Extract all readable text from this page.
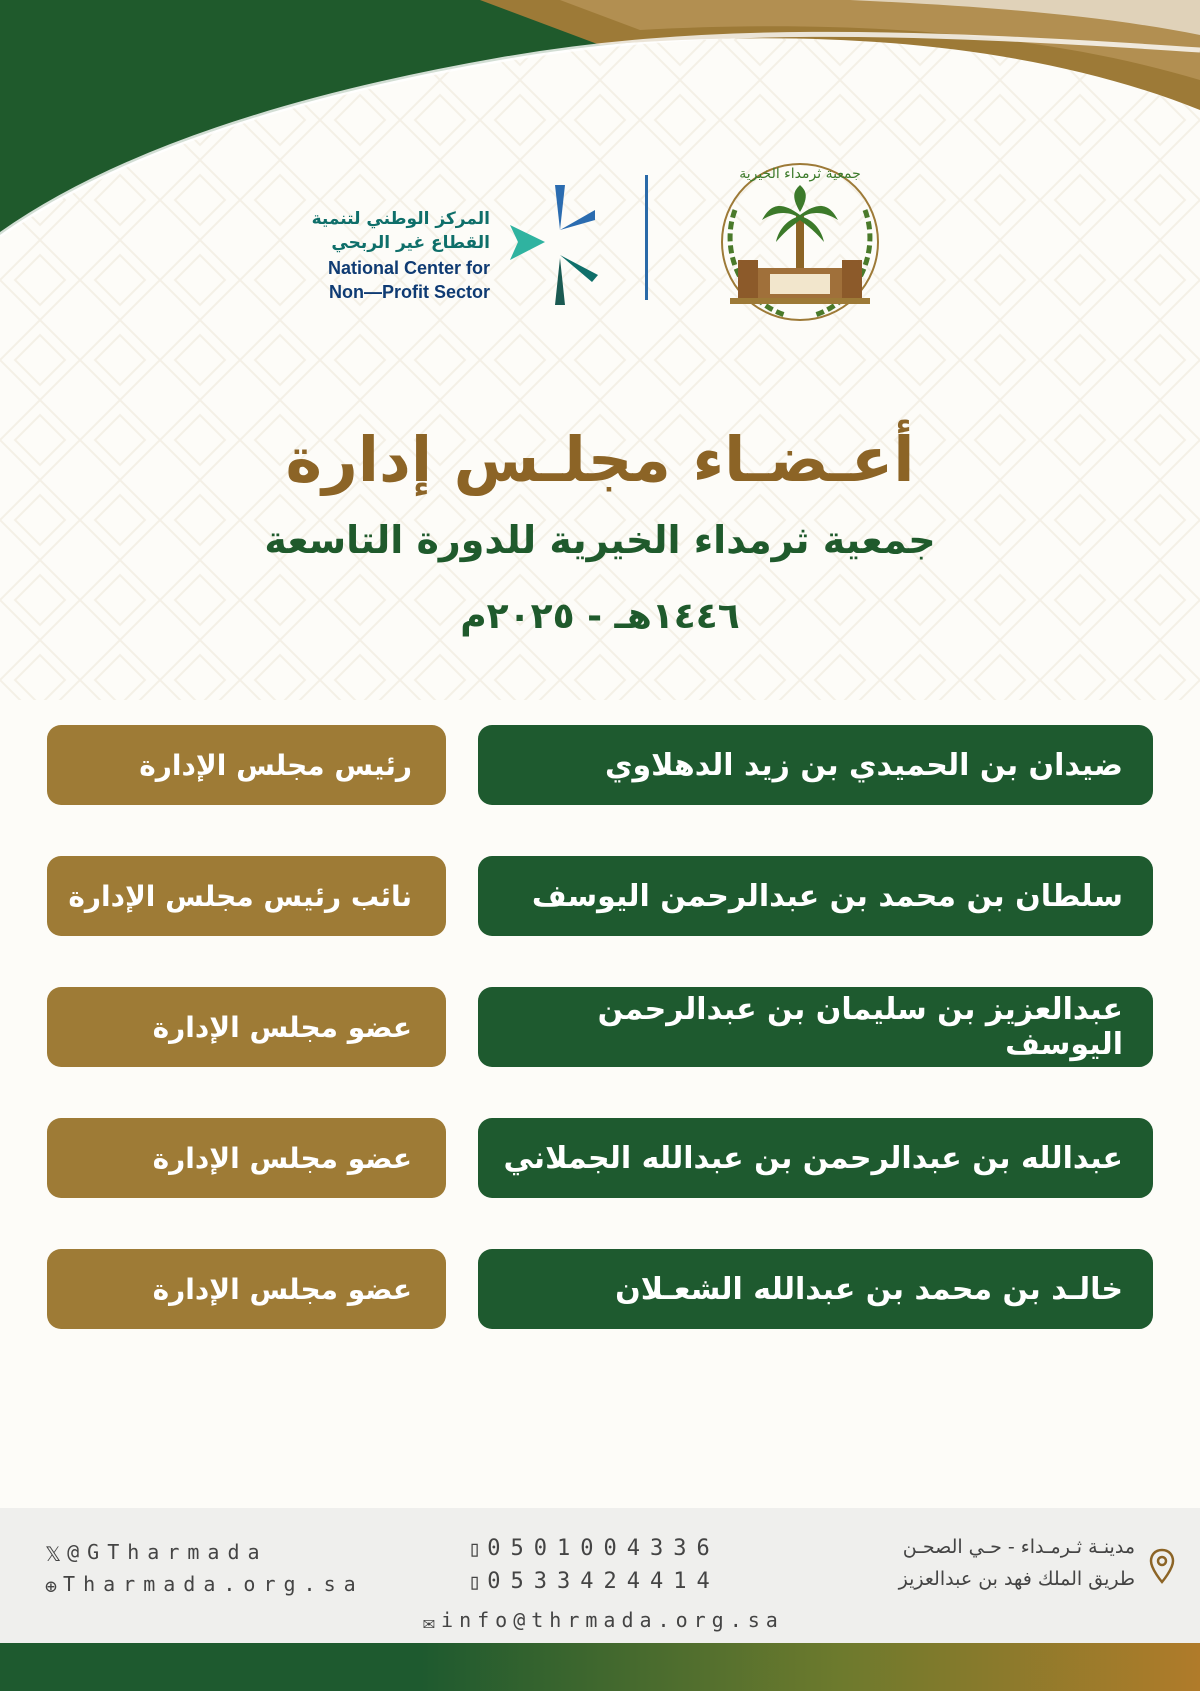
المركز الوطني لتنمية
القطاع غير الربحي
National Center for
Non—Profit Sector
جمعية ثرمداء الخيرية
أعـضـاء مجلـس إدارة
جمعية ثرمداء الخيرية للدورة التاسعة
١٤٤٦هـ - ٢٠٢٥م
ضيدان بن الحميدي بن زيد الدهلاوي
رئيس مجلس الإدارة
سلطان بن محمد بن عبدالرحمن اليوسف
نائب رئيس مجلس الإدارة
عبدالعزيز بن سليمان بن عبدالرحمن اليوسف
عضو مجلس الإدارة
عبدالله بن عبدالرحمن بن عبدالله الجملاني
عضو مجلس الإدارة
خالـد بن محمد بن عبدالله الشعـلان
عضو مجلس الإدارة
𝕏 @GTharmada
⊕ Tharmada.org.sa
▯ 0501004336
▯ 0533424414
✉ info@thrmada.org.sa
مدينـة ثـرمـداء - حـي الصحـن
طريق الملك فهد بن عبدالعزيز
